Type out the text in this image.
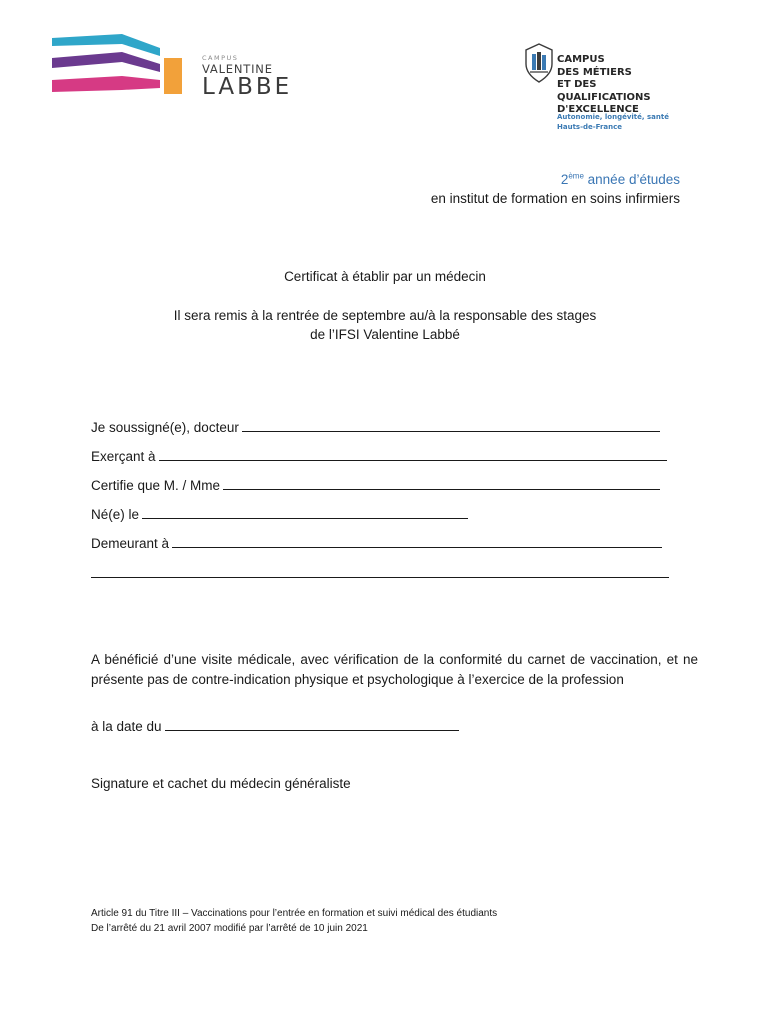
CAMPUS
VALENTINE
LABBE
CAMPUS
DES MÉTIERS
ET DES
QUALIFICATIONS
D'EXCELLENCE
Autonomie, longévité, santé
Hauts-de-France
2ème année d’études
en institut de formation en soins infirmiers
Certificat à établir par un médecin
Il sera remis à la rentrée de septembre au/à la responsable des stages
de l’IFSI Valentine Labbé
Je soussigné(e), docteur
Exerçant à
Certifie que M. / Mme
Né(e) le
Demeurant à
A bénéficié d’une visite médicale, avec vérification de la conformité du carnet de vaccination, et ne présente pas de contre-indication physique et psychologique à l’exercice de la profession
à la date du
Signature et cachet du médecin généraliste
Article 91 du Titre III – Vaccinations pour l’entrée en formation et suivi médical des étudiants
De l’arrêté du 21 avril 2007 modifié par l’arrêté de 10 juin 2021
